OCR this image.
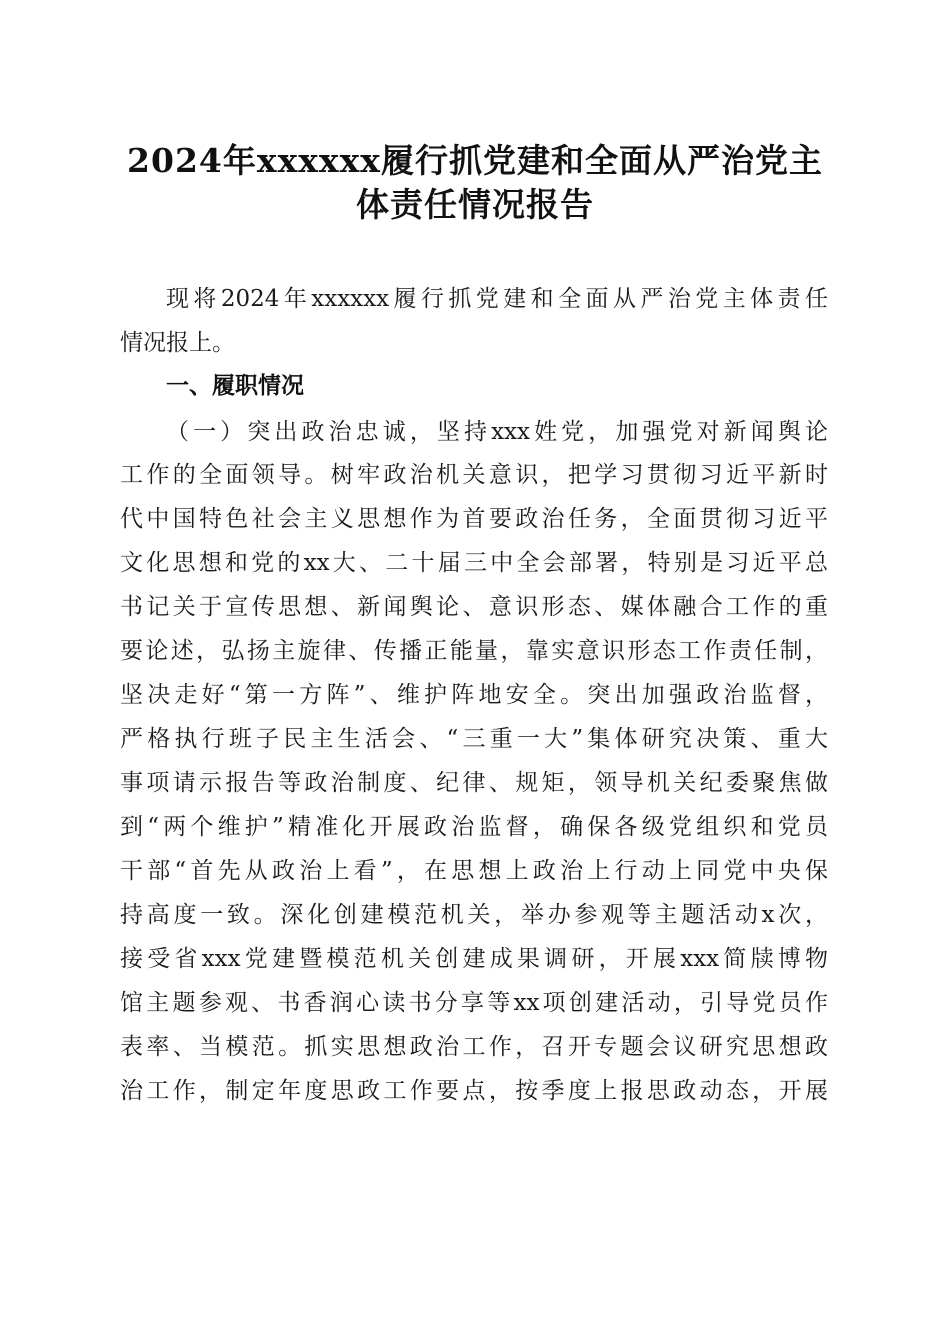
2024年xxxxxx履行抓党建和全面从严治党主
体责任情况报告
现将2024年xxxxxx履行抓党建和全面从严治党主体责任
情况报上。
一、履职情况
（一）突出政治忠诚，坚持xxx姓党，加强党对新闻舆论
工作的全面领导。树牢政治机关意识，把学习贯彻习近平新时
代中国特色社会主义思想作为首要政治任务，全面贯彻习近平
文化思想和党的xx大、二十届三中全会部署，特别是习近平总
书记关于宣传思想、新闻舆论、意识形态、媒体融合工作的重
要论述，弘扬主旋律、传播正能量，靠实意识形态工作责任制，
坚决走好“第一方阵”、维护阵地安全。突出加强政治监督，
严格执行班子民主生活会、“三重一大”集体研究决策、重大
事项请示报告等政治制度、纪律、规矩，领导机关纪委聚焦做
到“两个维护”精准化开展政治监督，确保各级党组织和党员
干部“首先从政治上看”，在思想上政治上行动上同党中央保
持高度一致。深化创建模范机关，举办参观等主题活动x次，
接受省xxx党建暨模范机关创建成果调研，开展xxx简牍博物
馆主题参观、书香润心读书分享等xx项创建活动，引导党员作
表率、当模范。抓实思想政治工作，召开专题会议研究思想政
治工作，制定年度思政工作要点，按季度上报思政动态，开展
